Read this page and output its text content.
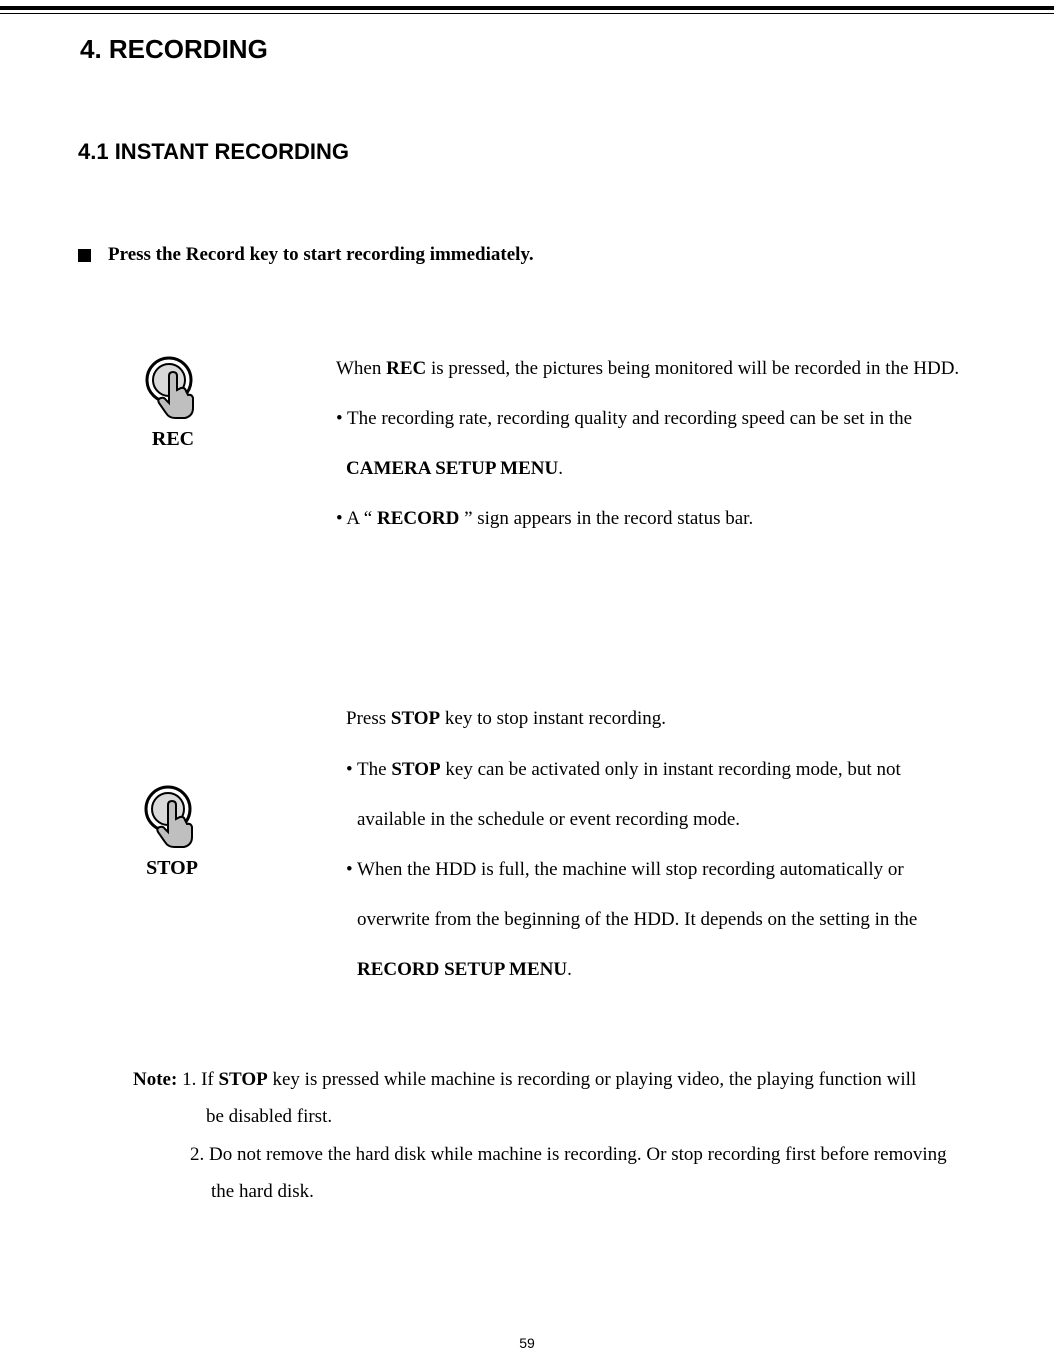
4. RECORDING
4.1 INSTANT RECORDING
Press the Record key to start recording immediately.
REC
When REC is pressed, the pictures being monitored will be recorded in the HDD.
• The recording rate, recording quality and recording speed can be set in the
CAMERA SETUP MENU.
• A “ RECORD ” sign appears in the record status bar.
STOP
Press STOP key to stop instant recording.
• The STOP key can be activated only in instant recording mode, but not
available in the schedule or event recording mode.
• When the HDD is full, the machine will stop recording automatically or
overwrite from the beginning of the HDD. It depends on the setting in the
RECORD SETUP MENU.
Note: 1. If STOP key is pressed while machine is recording or playing video, the playing function will
be disabled first.
2. Do not remove the hard disk while machine is recording. Or stop recording first before removing
the hard disk.
59
